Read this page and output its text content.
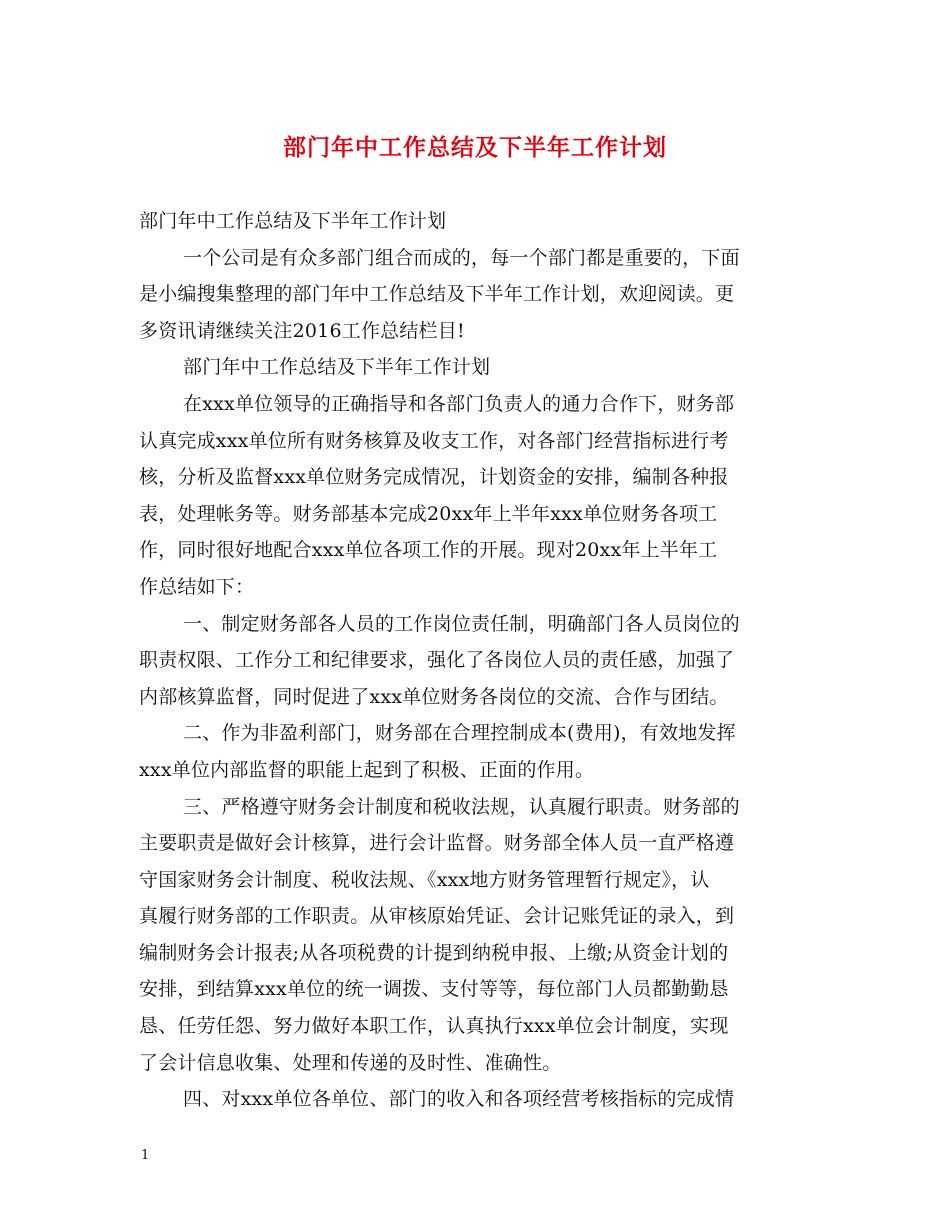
部门年中工作总结及下半年工作计划
部门年中工作总结及下半年工作计划
一个公司是有众多部门组合而成的，每一个部门都是重要的，下面
是小编搜集整理的部门年中工作总结及下半年工作计划，欢迎阅读。更
多资讯请继续关注2016工作总结栏目!
部门年中工作总结及下半年工作计划
在xxx单位领导的正确指导和各部门负责人的通力合作下，财务部
认真完成xxx单位所有财务核算及收支工作，对各部门经营指标进行考
核，分析及监督xxx单位财务完成情况，计划资金的安排，编制各种报
表，处理帐务等。财务部基本完成20xx年上半年xxx单位财务各项工
作，同时很好地配合xxx单位各项工作的开展。现对20xx年上半年工
作总结如下：
一、制定财务部各人员的工作岗位责任制，明确部门各人员岗位的
职责权限、工作分工和纪律要求，强化了各岗位人员的责任感，加强了
内部核算监督，同时促进了xxx单位财务各岗位的交流、合作与团结。
二、作为非盈利部门，财务部在合理控制成本(费用)，有效地发挥
xxx单位内部监督的职能上起到了积极、正面的作用。
三、严格遵守财务会计制度和税收法规，认真履行职责。财务部的
主要职责是做好会计核算，进行会计监督。财务部全体人员一直严格遵
守国家财务会计制度、税收法规、《xxx地方财务管理暂行规定》，认
真履行财务部的工作职责。从审核原始凭证、会计记账凭证的录入，到
编制财务会计报表;从各项税费的计提到纳税申报、上缴;从资金计划的
安排，到结算xxx单位的统一调拨、支付等等，每位部门人员都勤勤恳
恳、任劳任怨、努力做好本职工作，认真执行xxx单位会计制度，实现
了会计信息收集、处理和传递的及时性、准确性。
四、对xxx单位各单位、部门的收入和各项经营考核指标的完成情
1
